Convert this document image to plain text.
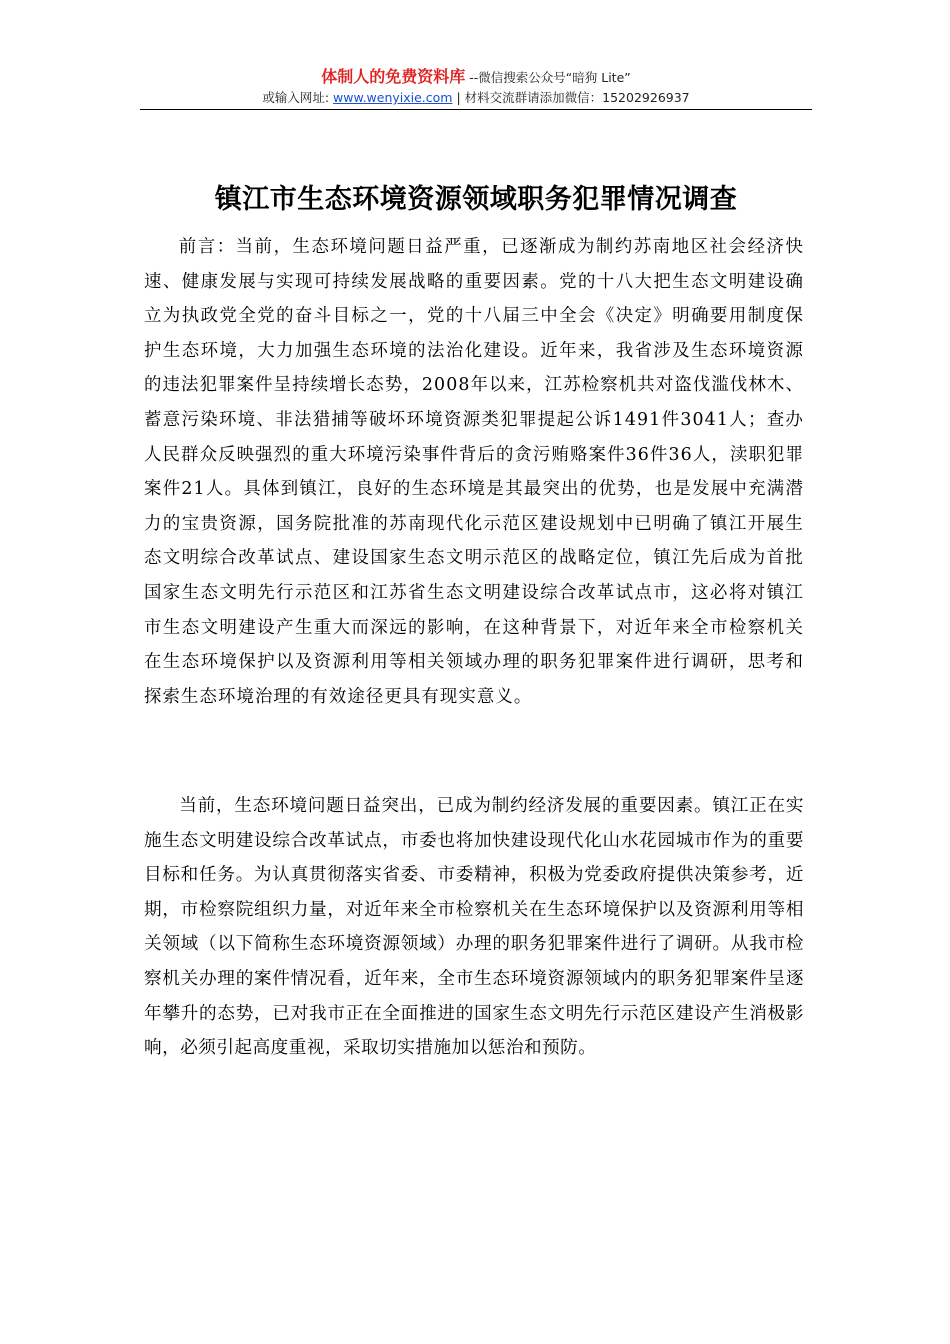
体制人的免费资料库 --微信搜索公众号“暗狗 Lite”
或输入网址: www.wenyixie.com | 材料交流群请添加微信：15202926937
镇江市生态环境资源领域职务犯罪情况调查

前言：当前，生态环境问题日益严重，已逐渐成为制约苏南地区社会经济快速、健康发展与实现可持续发展战略的重要因素。党的十八大把生态文明建设确立为执政党全党的奋斗目标之一，党的十八届三中全会《决定》明确要用制度保护生态环境，大力加强生态环境的法治化建设。近年来，我省涉及生态环境资源的违法犯罪案件呈持续增长态势，2008年以来，江苏检察机共对盗伐滥伐林木、蓄意污染环境、非法猎捕等破坏环境资源类犯罪提起公诉1491件3041人；查办人民群众反映强烈的重大环境污染事件背后的贪污贿赂案件36件36人，渎职犯罪案件21人。具体到镇江，良好的生态环境是其最突出的优势，也是发展中充满潜力的宝贵资源，国务院批准的苏南现代化示范区建设规划中已明确了镇江开展生态文明综合改革试点、建设国家生态文明示范区的战略定位，镇江先后成为首批国家生态文明先行示范区和江苏省生态文明建设综合改革试点市，这必将对镇江市生态文明建设产生重大而深远的影响，在这种背景下，对近年来全市检察机关在生态环境保护以及资源利用等相关领域办理的职务犯罪案件进行调研，思考和探索生态环境治理的有效途径更具有现实意义。

当前，生态环境问题日益突出，已成为制约经济发展的重要因素。镇江正在实施生态文明建设综合改革试点，市委也将加快建设现代化山水花园城市作为的重要目标和任务。为认真贯彻落实省委、市委精神，积极为党委政府提供决策参考，近期，市检察院组织力量，对近年来全市检察机关在生态环境保护以及资源利用等相关领域（以下简称生态环境资源领域）办理的职务犯罪案件进行了调研。从我市检察机关办理的案件情况看，近年来，全市生态环境资源领域内的职务犯罪案件呈逐年攀升的态势，已对我市正在全面推进的国家生态文明先行示范区建设产生消极影响，必须引起高度重视，采取切实措施加以惩治和预防。
